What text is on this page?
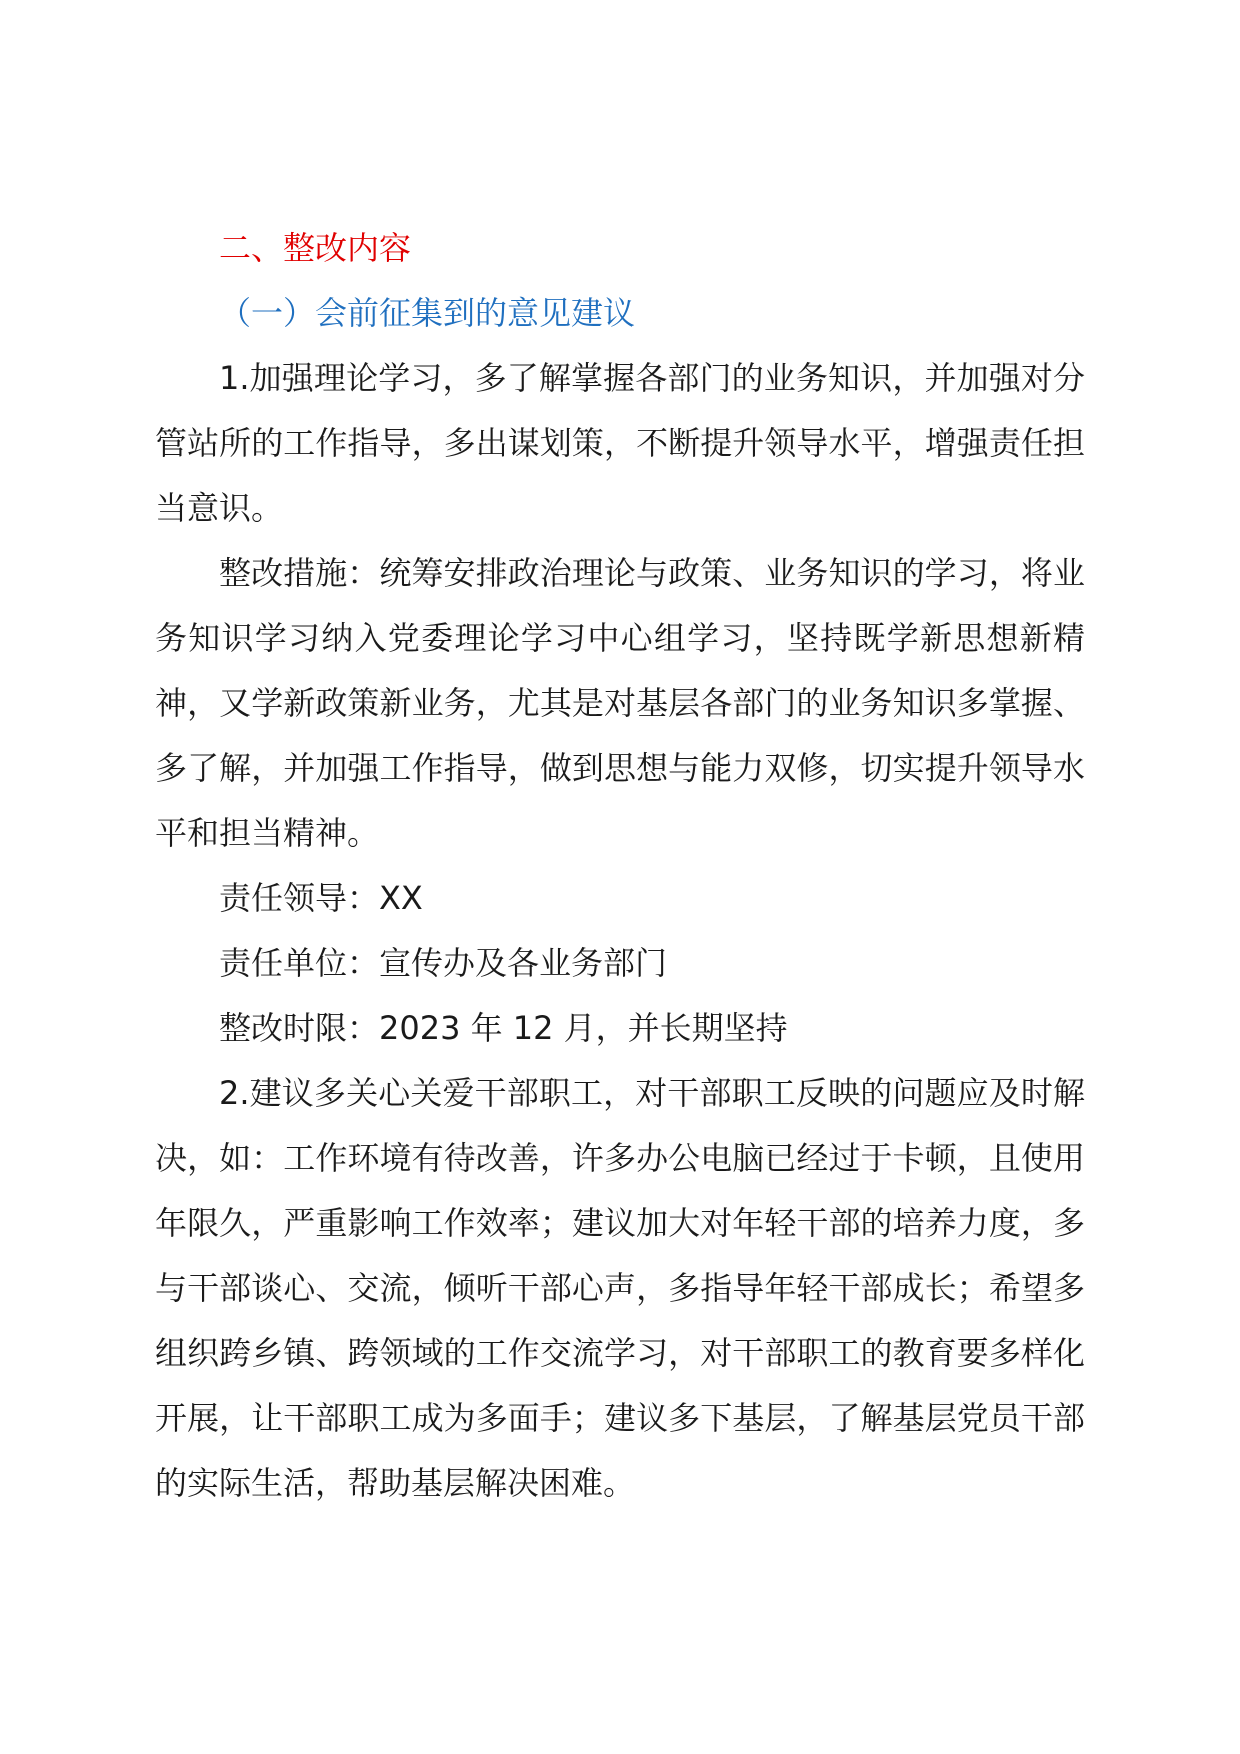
二、整改内容

（一）会前征集到的意见建议

1.加强理论学习，多了解掌握各部门的业务知识，并加强对分管站所的工作指导，多出谋划策，不断提升领导水平，增强责任担当意识。

整改措施：统筹安排政治理论与政策、业务知识的学习，将业务知识学习纳入党委理论学习中心组学习，坚持既学新思想新精神，又学新政策新业务，尤其是对基层各部门的业务知识多掌握、多了解，并加强工作指导，做到思想与能力双修，切实提升领导水平和担当精神。

责任领导：XX

责任单位：宣传办及各业务部门

整改时限：2023 年 12 月，并长期坚持

2.建议多关心关爱干部职工，对干部职工反映的问题应及时解决，如：工作环境有待改善，许多办公电脑已经过于卡顿，且使用年限久，严重影响工作效率；建议加大对年轻干部的培养力度，多与干部谈心、交流，倾听干部心声，多指导年轻干部成长；希望多组织跨乡镇、跨领域的工作交流学习，对干部职工的教育要多样化开展，让干部职工成为多面手；建议多下基层，了解基层党员干部的实际生活，帮助基层解决困难。
